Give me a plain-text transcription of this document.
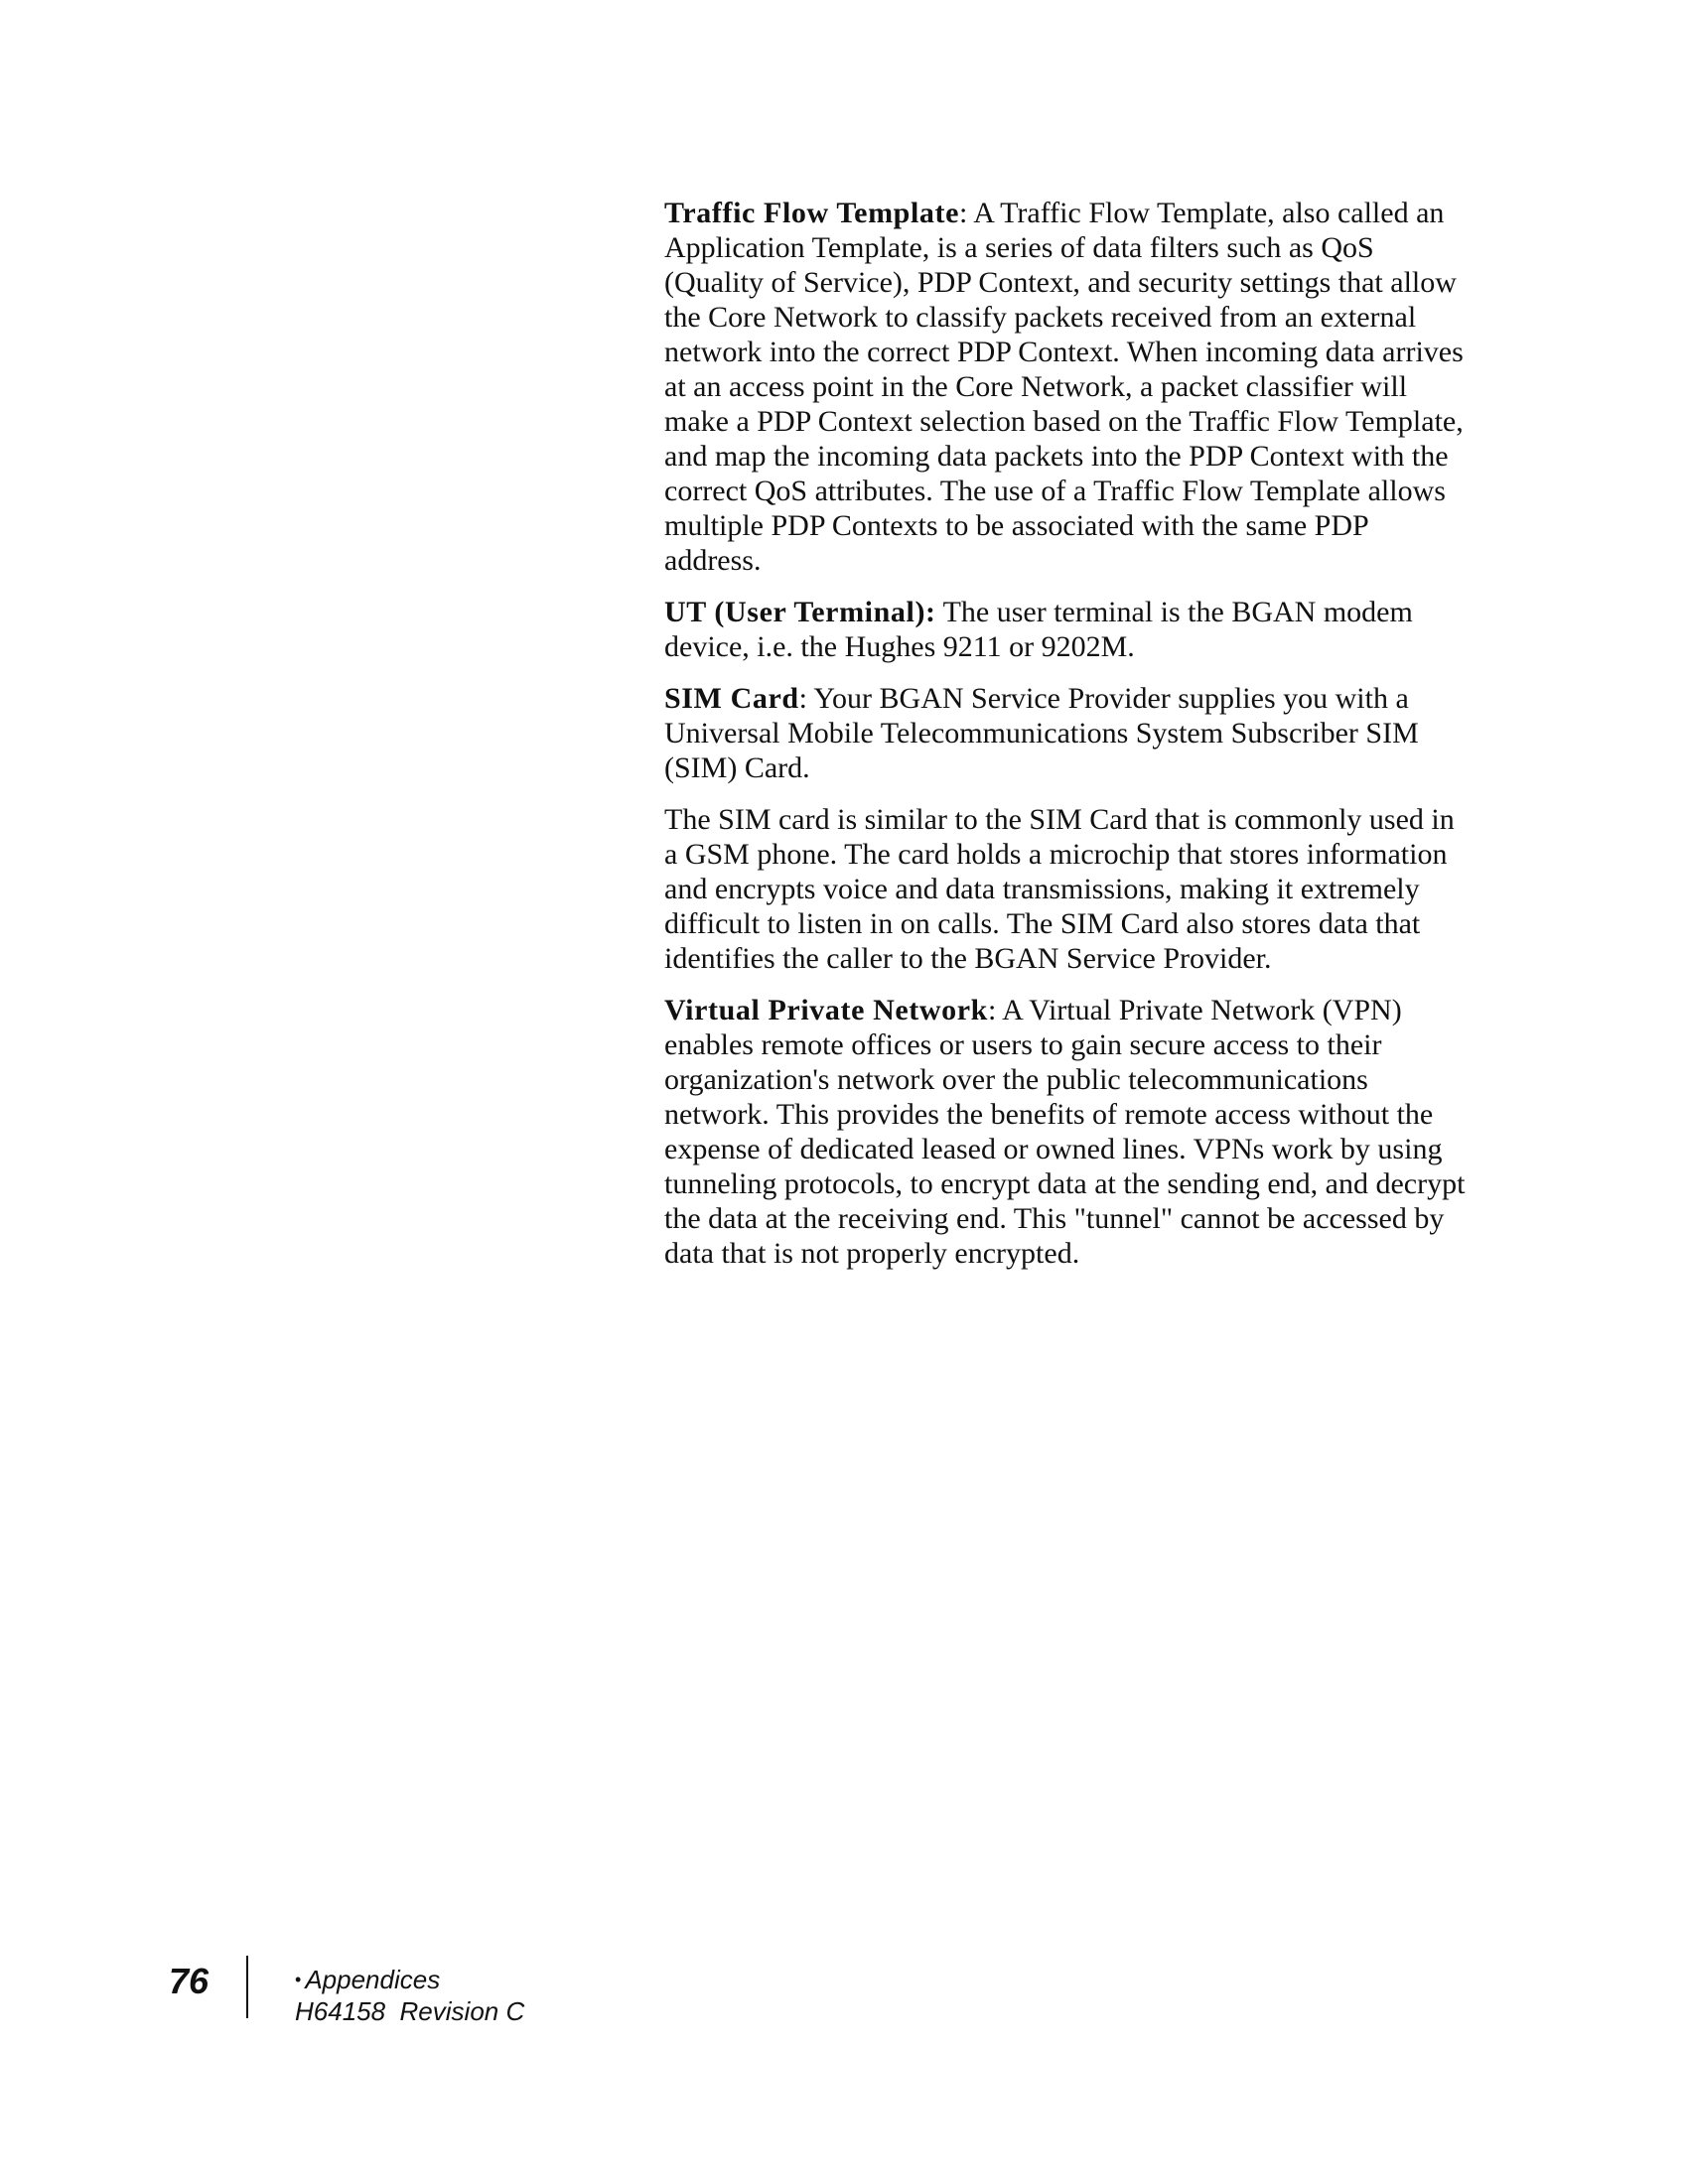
Traffic Flow Template: A Traffic Flow Template, also called an Application Template, is a series of data filters such as QoS (Quality of Service), PDP Context, and security settings that allow the Core Network to classify packets received from an external network into the correct PDP Context. When incoming data arrives at an access point in the Core Network, a packet classifier will make a PDP Context selection based on the Traffic Flow Template, and map the incoming data packets into the PDP Context with the correct QoS attributes. The use of a Traffic Flow Template allows multiple PDP Contexts to be associated with the same PDP address.

UT (User Terminal): The user terminal is the BGAN modem device, i.e. the Hughes 9211 or 9202M.

SIM Card: Your BGAN Service Provider supplies you with a Universal Mobile Telecommunications System Subscriber SIM (SIM) Card.

The SIM card is similar to the SIM Card that is commonly used in a GSM phone. The card holds a microchip that stores information and encrypts voice and data transmissions, making it extremely difficult to listen in on calls. The SIM Card also stores data that identifies the caller to the BGAN Service Provider.

Virtual Private Network: A Virtual Private Network (VPN) enables remote offices or users to gain secure access to their organization's network over the public telecommunications network. This provides the benefits of remote access without the expense of dedicated leased or owned lines. VPNs work by using tunneling protocols, to encrypt data at the sending end, and decrypt the data at the receiving end. This "tunnel" cannot be accessed by data that is not properly encrypted.

76	• Appendices
H64158  Revision C
